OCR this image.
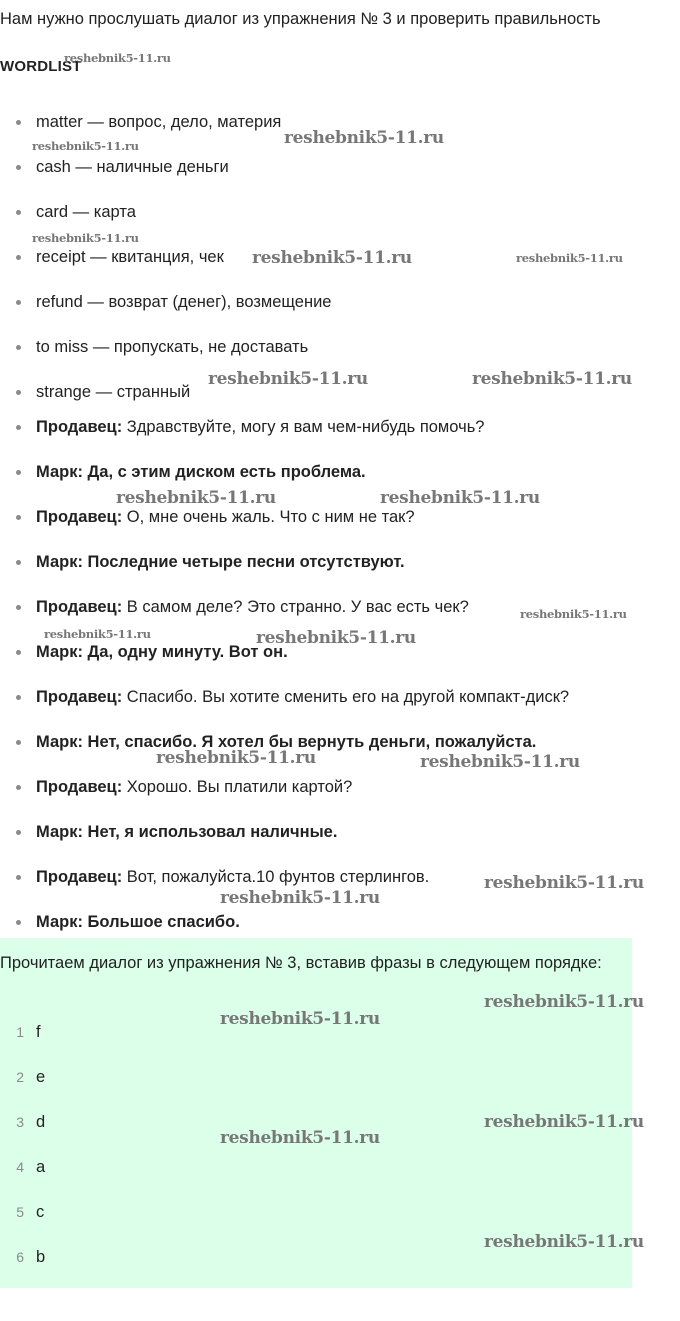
Нам нужно прослушать диалог из упражнения № 3 и проверить правильность

WORDLIST
matter — вопрос, дело, материя
cash — наличные деньги
card — карта
receipt — квитанция, чек
refund — возврат (денег), возмещение
to miss — пропускать, не доставать
strange — странный
Продавец: Здравствуйте, могу я вам чем-нибудь помочь?
Марк: Да, с этим диском есть проблема.
Продавец: О, мне очень жаль. Что с ним не так?
Марк: Последние четыре песни отсутствуют.
Продавец: В самом деле? Это странно. У вас есть чек?
Марк: Да, одну минуту. Вот он.
Продавец: Спасибо. Вы хотите сменить его на другой компакт-диск?
Марк: Нет, спасибо. Я хотел бы вернуть деньги, пожалуйста.
Продавец: Хорошо. Вы платили картой?
Марк: Нет, я использовал наличные.
Продавец: Вот, пожалуйста.10 фунтов стерлингов.
Марк: Большое спасибо.

Прочитаем диалог из упражнения № 3, вставив фразы в следующем порядке:

1 f
2 e
3 d
4 a
5 c
6 b
reshebnik5-11.ru
reshebnik5-11.ru
reshebnik5-11.ru
reshebnik5-11.ru
reshebnik5-11.ru	reshebnik5-11.ru
reshebnik5-11.ru	reshebnik5-11.ru
reshebnik5-11.ru	reshebnik5-11.ru
reshebnik5-11.ru
reshebnik5-11.ru	reshebnik5-11.ru
reshebnik5-11.ru	reshebnik5-11.ru
reshebnik5-11.ru
reshebnik5-11.ru
reshebnik5-11.ru
reshebnik5-11.ru
reshebnik5-11.ru
reshebnik5-11.ru
reshebnik5-11.ru
